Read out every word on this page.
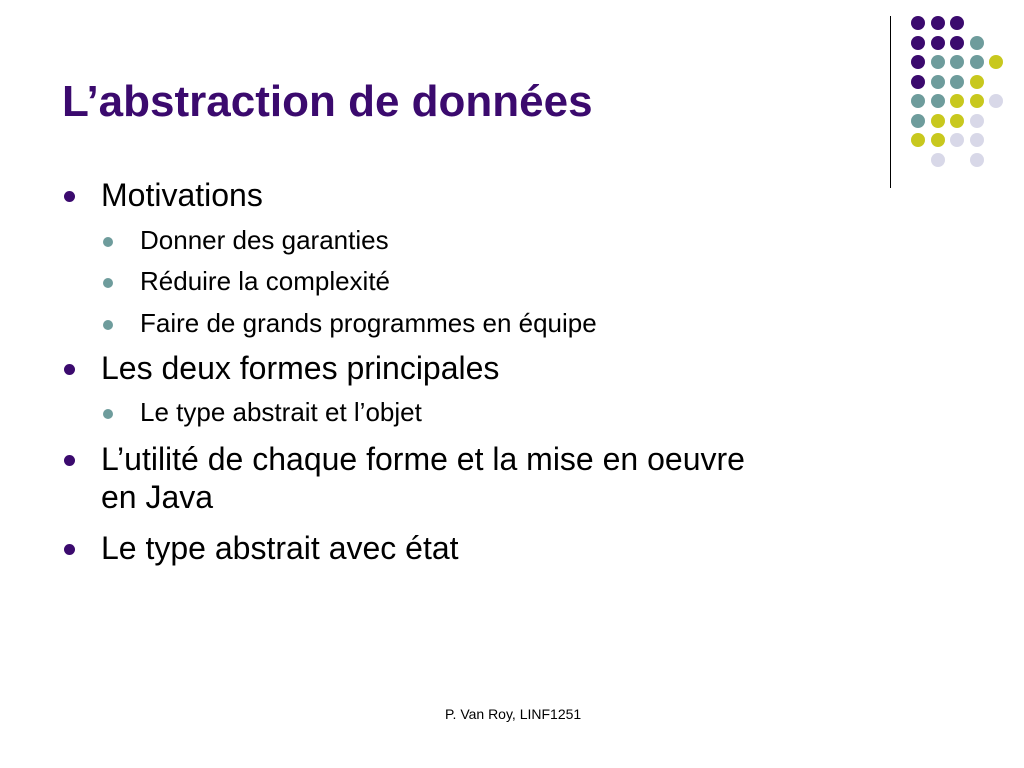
L’abstraction de données
Motivations
Donner des garanties
Réduire la complexité
Faire de grands programmes en équipe
Les deux formes principales
Le type abstrait et l’objet
L’utilité de chaque forme et la mise en oeuvre
en Java
Le type abstrait avec état
P. Van Roy, LINF1251
